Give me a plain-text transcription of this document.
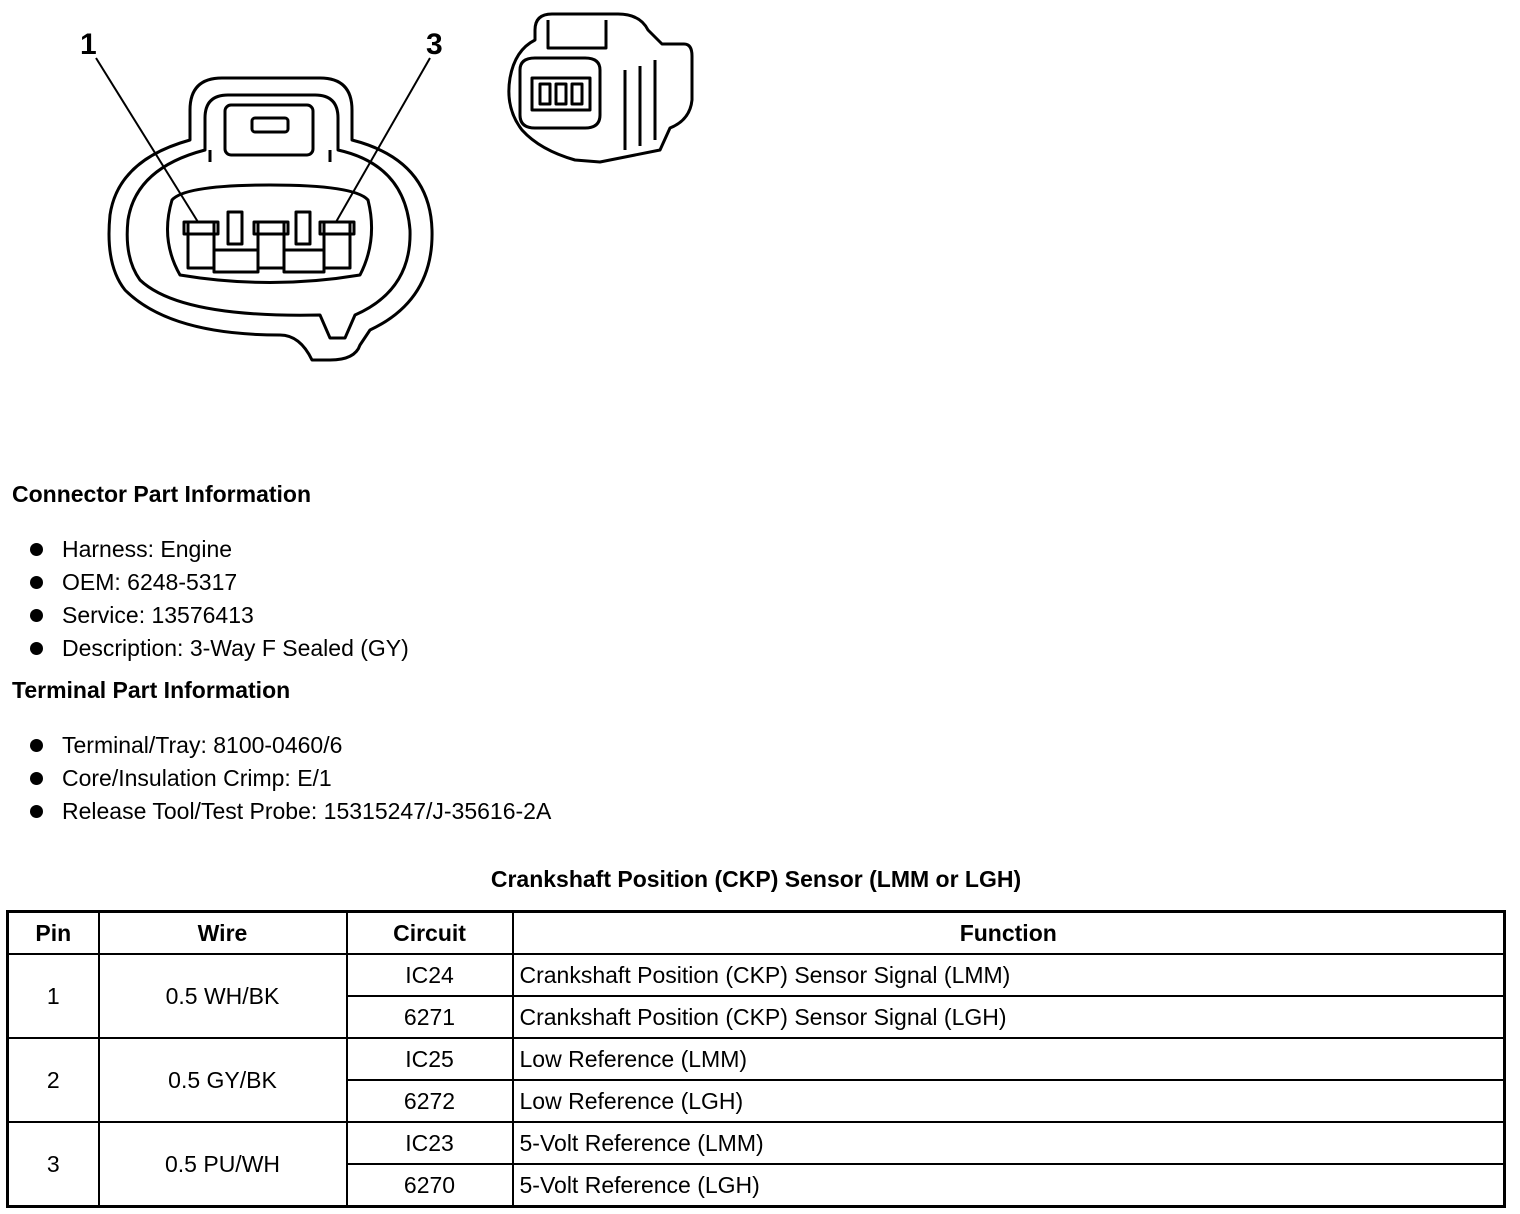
1	3
Connector Part Information
Harness: Engine
OEM: 6248-5317
Service: 13576413
Description: 3-Way F Sealed (GY)
Terminal Part Information
Terminal/Tray: 8100-0460/6
Core/Insulation Crimp: E/1
Release Tool/Test Probe: 15315247/J-35616-2A
Crankshaft Position (CKP) Sensor (LMM or LGH)
Pin	Wire	Circuit	Function
1	0.5 WH/BK	IC24	Crankshaft Position (CKP) Sensor Signal (LMM)
		6271	Crankshaft Position (CKP) Sensor Signal (LGH)
2	0.5 GY/BK	IC25	Low Reference (LMM)
		6272	Low Reference (LGH)
3	0.5 PU/WH	IC23	5-Volt Reference (LMM)
		6270	5-Volt Reference (LGH)
